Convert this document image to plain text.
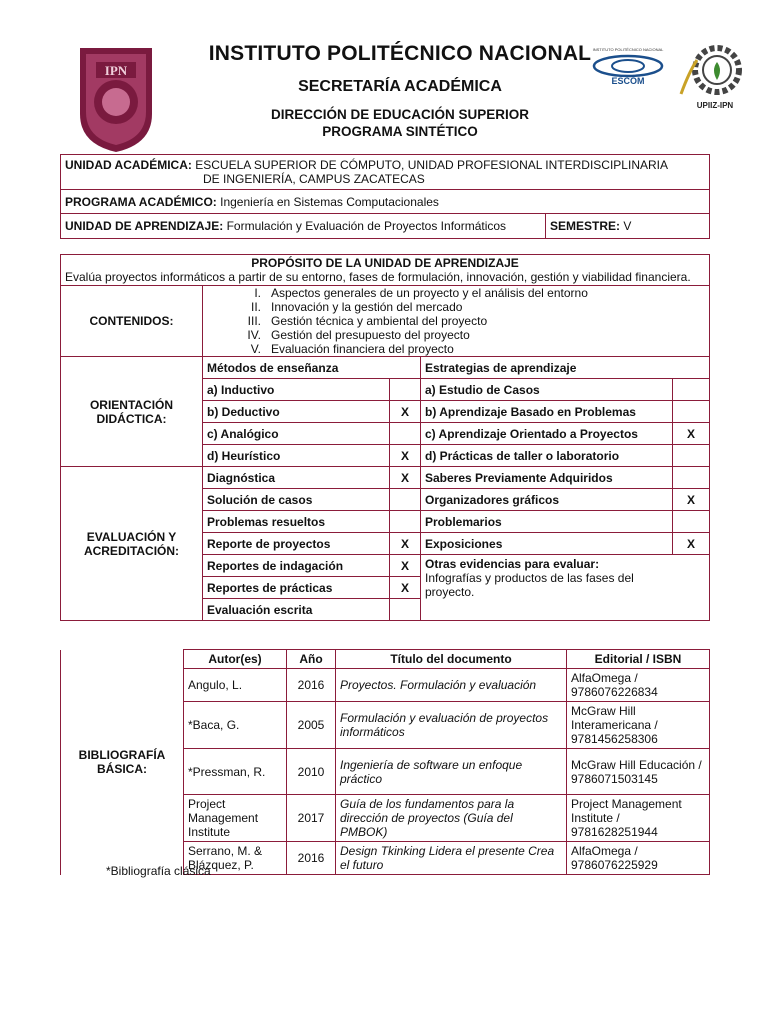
IPN
INSTITUTO POLITÉCNICO NACIONAL
ESCOM
UPIIZ-IPN
INSTITUTO POLITÉCNICO NACIONAL
SECRETARÍA ACADÉMICA
DIRECCIÓN DE EDUCACIÓN SUPERIOR
PROGRAMA SINTÉTICO
UNIDAD ACADÉMICA: ESCUELA SUPERIOR DE CÓMPUTO, UNIDAD PROFESIONAL INTERDISCIPLINARIA
DE INGENIERÍA, CAMPUS ZACATECAS
PROGRAMA ACADÉMICO: Ingeniería en Sistemas Computacionales
UNIDAD DE APRENDIZAJE: Formulación y Evaluación de Proyectos Informáticos	SEMESTRE: V
PROPÓSITO DE LA UNIDAD DE APRENDIZAJE
Evalúa proyectos informáticos a partir de su entorno, fases de formulación, innovación, gestión y viabilidad financiera.

CONTENIDOS:	
I.	Aspectos generales de un proyecto y el análisis del entorno
II.	Innovación y la gestión del mercado
III.	Gestión técnica y ambiental del proyecto
IV.	Gestión del presupuesto del proyecto
V.	Evaluación financiera del proyecto

ORIENTACIÓN DIDÁCTICA:	Métodos de enseñanza	Estrategias de aprendizaje
a) Inductivo		a) Estudio de Casos	
b) Deductivo	X	b) Aprendizaje Basado en Problemas	
c) Analógico		c) Aprendizaje Orientado a Proyectos	X
d) Heurístico	X	d) Prácticas de taller o laboratorio	
EVALUACIÓN Y ACREDITACIÓN:	Diagnóstica	X	Saberes Previamente Adquiridos	
Solución de casos		Organizadores gráficos	X
Problemas resueltos		Problemarios	
Reporte de proyectos	X	Exposiciones	X
Reportes de indagación	X	Otras evidencias para evaluar:
Infografías y productos de las fases del proyecto.

Reportes de prácticas	X
Evaluación escrita	
BIBLIOGRAFÍA BÁSICA:	Autor(es)	Año	Título del documento	Editorial / ISBN
	Angulo, L.	2016	Proyectos. Formulación y evaluación	AlfaOmega / 9786076226834
	*Baca, G.	2005	Formulación y evaluación de proyectos informáticos	McGraw Hill Interamericana / 9781456258306
	*Pressman, R.	2010	Ingeniería de software un enfoque práctico	McGraw Hill Educación / 9786071503145
	Project Management Institute	2017	Guía de los fundamentos para la dirección de proyectos (Guía del PMBOK)	Project Management Institute / 9781628251944
	Serrano, M. & Blázquez, P.	2016	Design Tkinking Lidera el presente Crea el futuro	AlfaOmega / 9786076225929
*Bibliografía clásica
